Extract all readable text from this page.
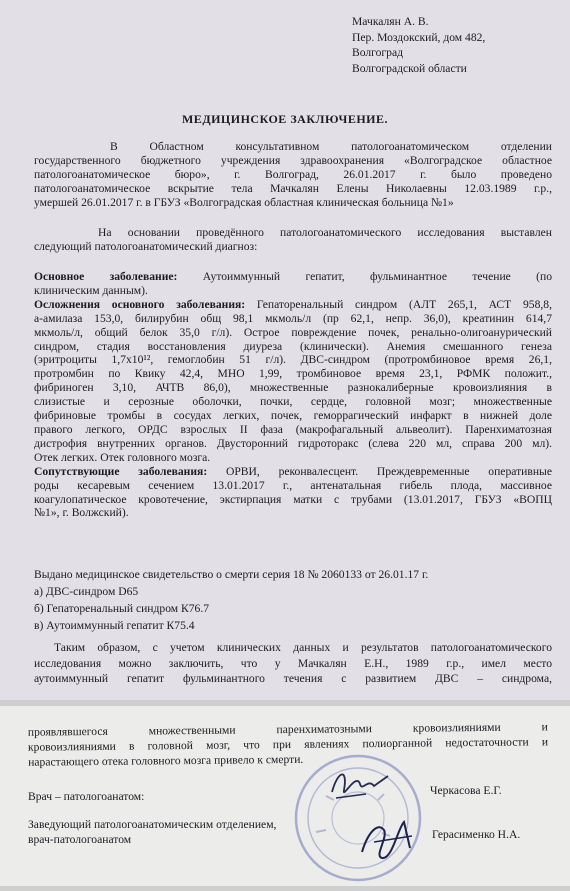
Мачкалян А. В.
Пер. Моздокский, дом 482,
Волгоград
Волгоградской области
МЕДИЦИНСКОЕ ЗАКЛЮЧЕНИЕ.
В Областном консультативном патологоанатомическом отделении
государственного бюджетного учреждения здравоохранения «Волгоградское областное
патологоанатомическое бюро», г. Волгоград, 26.01.2017 г. было проведено
патологоанатомическое вскрытие тела Мачкалян Елены Николаевны 12.03.1989 г.р.,
умершей 26.01.2017 г. в ГБУЗ «Волгоградская областная клиническая больница №1»
На основании проведённого патологоанатомического исследования выставлен
следующий патологоанатомический диагноз:
Основное заболевание: Аутоиммунный гепатит, фульминантное течение (по
клиническим данным).
Осложнения основного заболевания: Гепаторенальный синдром (АЛТ 265,1, АСТ 958,8,
а-амилаза 153,0, билирубин общ 98,1 мкмоль/л (пр 62,1, непр. 36,0), креатинин 614,7
мкмоль/л, общий белок 35,0 г/л). Острое повреждение почек, ренально-олигоанурический
синдром, стадия восстановления диуреза (клинически). Анемия смешанного генеза
(эритроциты 1,7х10¹², гемоглобин 51 г/л). ДВС-синдром (протромбиновое время 26,1,
протромбин по Квику 42,4, МНО 1,99, тромбиновое время 23,1, РФМК положит.,
фибриноген 3,10, АЧТВ 86,0), множественные разнокалиберные кровоизлияния в
слизистые и серозные оболочки, почки, сердце, головной мозг; множественные
фибриновые тромбы в сосудах легких, почек, геморрагический инфаркт в нижней доле
правого легкого, ОРДС взрослых II фаза (макрофагальный альвеолит). Паренхиматозная
дистрофия внутренних органов. Двусторонний гидроторакс (слева 220 мл, справа 200 мл).
Отек легких. Отек головного мозга.
Сопутствующие заболевания: ОРВИ, реконвалесцент. Преждевременные оперативные
роды кесаревым сечением 13.01.2017 г., антенатальная гибель плода, массивное
коагулопатическое кровотечение, экстирпация матки с трубами (13.01.2017, ГБУЗ «ВОПЦ
№1», г. Волжский).
Выдано медицинское свидетельство о смерти серия 18 № 2060133 от 26.01.17 г.
а) ДВС-синдром D65
б) Гепаторенальный синдром К76.7
в) Аутоиммунный гепатит К75.4
Таким образом, с учетом клинических данных и результатов патологоанатомического
исследования можно заключить, что у Мачкалян Е.Н., 1989 г.р., имел место
аутоиммунный гепатит фульминантного течения с развитием ДВС – синдрома,
проявлявшегося множественными паренхиматозными кровоизлияниями и
кровоизлияниями в головной мозг, что при явлениях полиорганной недостаточности и
нарастающего отека головного мозга привело к смерти.
Врач – патологоанатом:	Черкасова Е.Г.
Заведующий патологоанатомическим отделением,
врач-патологоанатом	Герасименко Н.А.
